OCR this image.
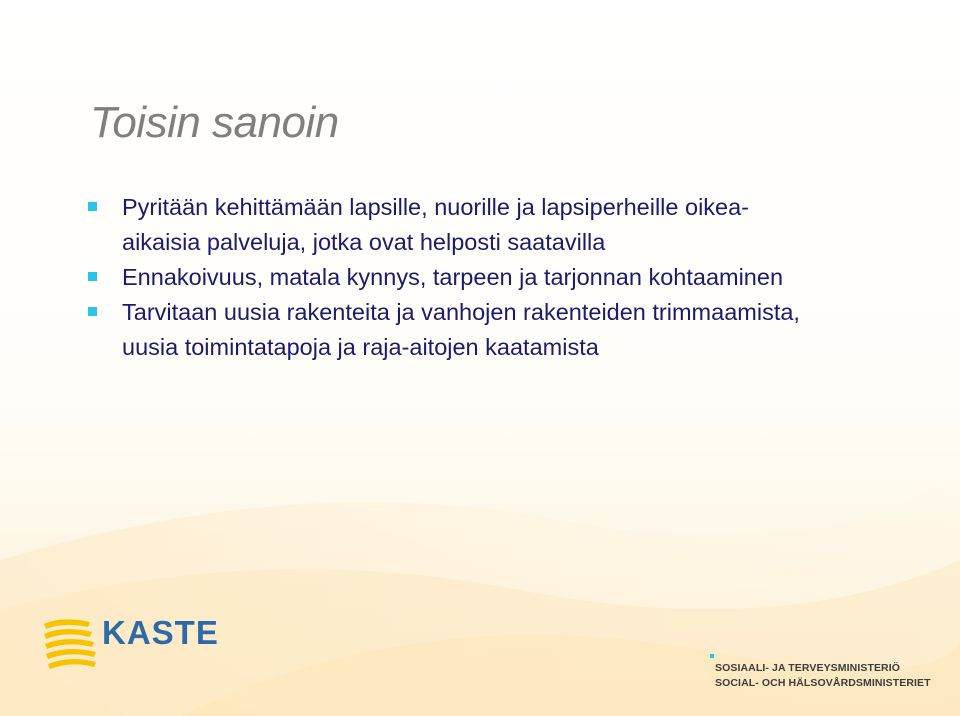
Toisin sanoin
Pyritään kehittämään lapsille, nuorille ja lapsiperheille oikea-aikaisia palveluja, jotka ovat helposti saatavilla
Ennakoivuus, matala kynnys, tarpeen ja tarjonnan kohtaaminen
Tarvitaan uusia rakenteita ja vanhojen rakenteiden trimmaamista, uusia toimintatapoja ja raja-aitojen kaatamista
KASTE
SOSIAALI- JA TERVEYSMINISTERIÖ
SOCIAL- OCH HÄLSOVÅRDSMINISTERIET
